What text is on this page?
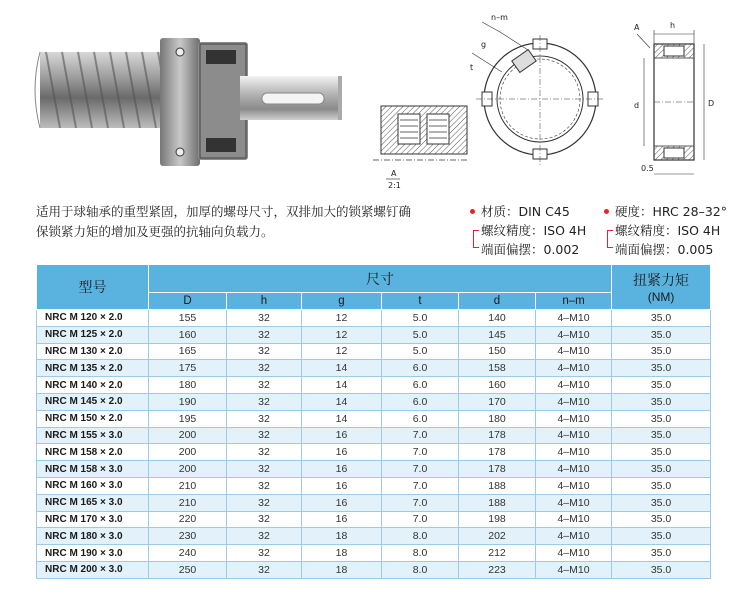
A
2:1
n–m
g
t
h
A
d	D
0.5
适用于球轴承的重型紧固，加厚的螺母尺寸，双排加大的锁紧螺钉确
保锁紧力矩的增加及更强的抗轴向负载力。
材质：DIN C45
螺纹精度：ISO 4H
端面偏摆：0.002
硬度：HRC 28–32°
螺纹精度：ISO 4H
端面偏摆：0.005
型号	尺寸						扭紧力矩
(NM)

	D	h	g	t	d	n–m	
NRC M 120 × 2.0	155	32	12	5.0	140	4–M10	35.0
NRC M 125 × 2.0	160	32	12	5.0	145	4–M10	35.0
NRC M 130 × 2.0	165	32	12	5.0	150	4–M10	35.0
NRC M 135 × 2.0	175	32	14	6.0	158	4–M10	35.0
NRC M 140 × 2.0	180	32	14	6.0	160	4–M10	35.0
NRC M 145 × 2.0	190	32	14	6.0	170	4–M10	35.0
NRC M 150 × 2.0	195	32	14	6.0	180	4–M10	35.0
NRC M 155 × 3.0	200	32	16	7.0	178	4–M10	35.0
NRC M 158 × 2.0	200	32	16	7.0	178	4–M10	35.0
NRC M 158 × 3.0	200	32	16	7.0	178	4–M10	35.0
NRC M 160 × 3.0	210	32	16	7.0	188	4–M10	35.0
NRC M 165 × 3.0	210	32	16	7.0	188	4–M10	35.0
NRC M 170 × 3.0	220	32	16	7.0	198	4–M10	35.0
NRC M 180 × 3.0	230	32	18	8.0	202	4–M10	35.0
NRC M 190 × 3.0	240	32	18	8.0	212	4–M10	35.0
NRC M 200 × 3.0	250	32	18	8.0	223	4–M10	35.0
